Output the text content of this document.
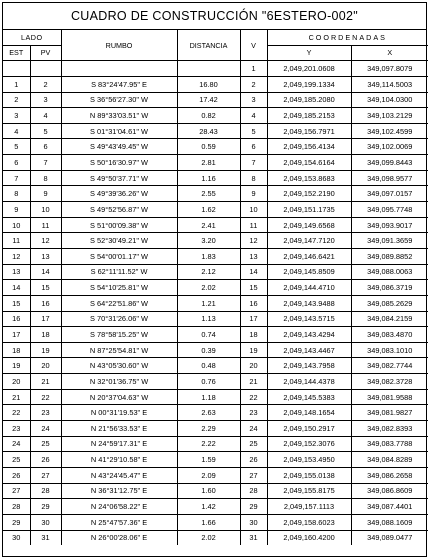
CUADRO DE CONSTRUCCIÓN "6ESTERO-002"
LADO		RUMBO	DISTANCIA	V	COORDENADAS	
EST	PV				Y	X
				1	2,049,201.0608	349,097.8079
1	2	S 83°24'47.95" E	16.80	2	2,049,199.1334	349,114.5003
2	3	S 36°56'27.30" W	17.42	3	2,049,185.2080	349,104.0300
3	4	N 89°33'03.51" W	0.82	4	2,049,185.2153	349,103.2129
4	5	S 01°31'04.61" W	28.43	5	2,049,156.7971	349,102.4599
5	6	S 49°43'49.45" W	0.59	6	2,049,156.4134	349,102.0069
6	7	S 50°16'30.97" W	2.81	7	2,049,154.6164	349,099.8443
7	8	S 49°50'37.71" W	1.16	8	2,049,153.8683	349,098.9577
8	9	S 49°39'36.26" W	2.55	9	2,049,152.2190	349,097.0157
9	10	S 49°52'56.87" W	1.62	10	2,049,151.1735	349,095.7748
10	11	S 51°00'09.38" W	2.41	11	2,049,149.6568	349,093.9017
11	12	S 52°30'49.21" W	3.20	12	2,049,147.7120	349,091.3659
12	13	S 54°00'01.17" W	1.83	13	2,049,146.6421	349,089.8852
13	14	S 62°11'11.52" W	2.12	14	2,049,145.8509	349,088.0063
14	15	S 54°10'25.81" W	2.02	15	2,049,144.4710	349,086.3719
15	16	S 64°22'51.86" W	1.21	16	2,049,143.9488	349,085.2629
16	17	S 70°31'26.06" W	1.13	17	2,049,143.5715	349,084.2159
17	18	S 78°58'15.25" W	0.74	18	2,049,143.4294	349,083.4870
18	19	N 87°25'54.81" W	0.39	19	2,049,143.4467	349,083.1010
19	20	N 43°05'30.60" W	0.48	20	2,049,143.7958	349,082.7744
20	21	N 32°01'36.75" W	0.76	21	2,049,144.4378	349,082.3728
21	22	N 20°37'04.63" W	1.18	22	2,049,145.5383	349,081.9588
22	23	N 00°31'19.53" E	2.63	23	2,049,148.1654	349,081.9827
23	24	N 21°56'33.53" E	2.29	24	2,049,150.2917	349,082.8393
24	25	N 24°59'17.31" E	2.22	25	2,049,152.3076	349,083.7788
25	26	N 41°29'10.58" E	1.59	26	2,049,153.4950	349,084.8289
26	27	N 43°24'45.47" E	2.09	27	2,049,155.0138	349,086.2658
27	28	N 36°31'12.75" E	1.60	28	2,049,155.8175	349,086.8609
28	29	N 24°06'58.22" E	1.42	29	2,049,157.1113	349,087.4401
29	30	N 25°47'57.36" E	1.66	30	2,049,158.6023	349,088.1609
30	31	N 26°00'28.06" E	2.02	31	2,049,160.4200	349,089.0477
